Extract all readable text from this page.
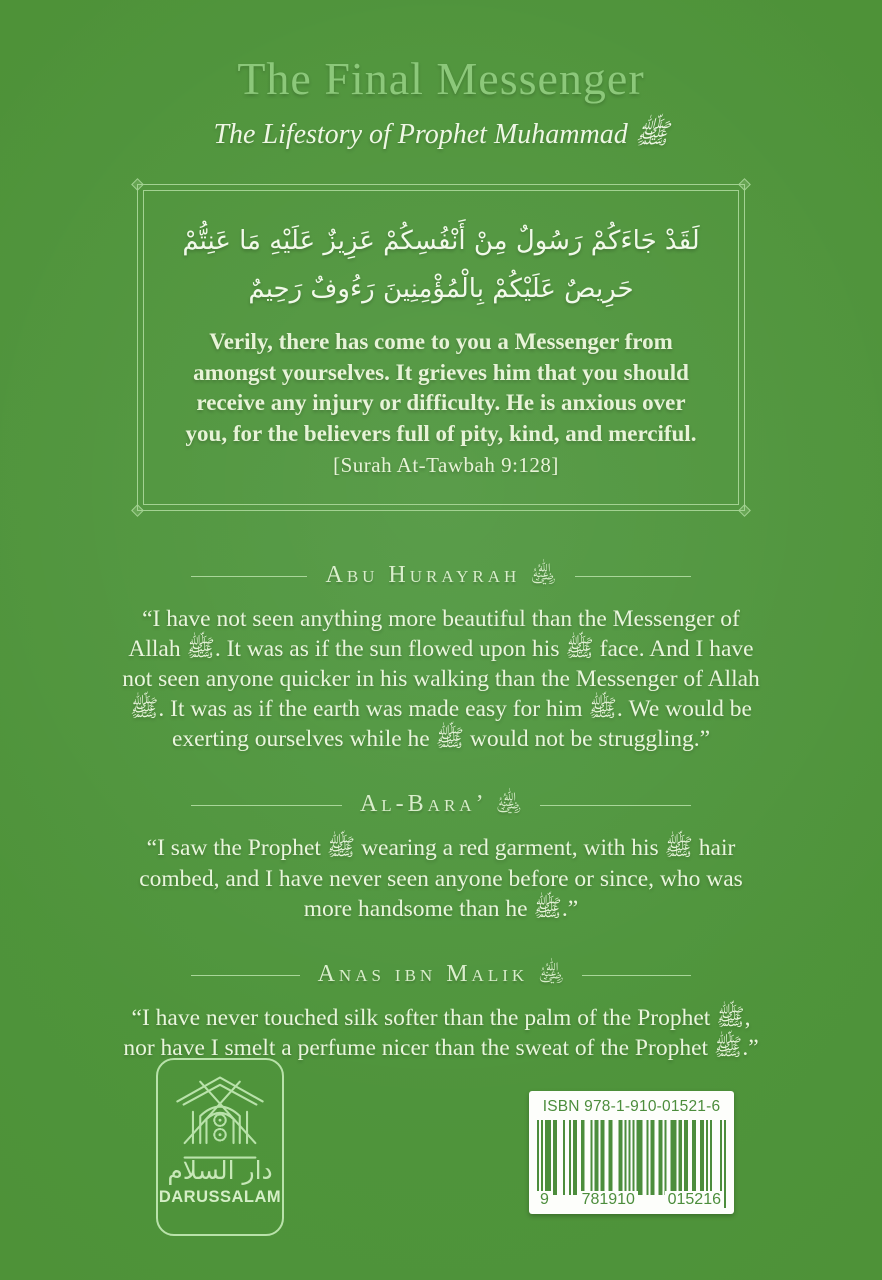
The Final Messenger
The Lifestory of Prophet Muhammad ﷺ
لَقَدْ جَاءَكُمْ رَسُولٌ مِنْ أَنْفُسِكُمْ عَزِيزٌ عَلَيْهِ مَا عَنِتُّمْ
حَرِيصٌ عَلَيْكُمْ بِالْمُؤْمِنِينَ رَءُوفٌ رَحِيمٌ
Verily, there has come to you a Messenger from amongst yourselves. It grieves him that you should receive any injury or difficulty. He is anxious over you, for the believers full of pity, kind, and merciful.[Surah At-Tawbah 9:128]
Abu Hurayrah ﵁
“I have not seen anything more beautiful than the Messenger of Allah ﷺ. It was as if the sun flowed upon his ﷺ face. And I have not seen anyone quicker in his walking than the Messenger of Allah ﷺ. It was as if the earth was made easy for him ﷺ. We would be exerting ourselves while he ﷺ would not be struggling.”
Al-Bara’ ﵁
“I saw the Prophet ﷺ wearing a red garment, with his ﷺ hair combed, and I have never seen anyone before or since, who was more handsome than he ﷺ.”
Anas ibn Malik ﵁
“I have never touched silk softer than the palm of the Prophet ﷺ, nor have I smelt a perfume nicer than the sweat of the Prophet ﷺ.”
دار السلام
DARUSSALAM
ISBN 978-1-910-01521-6
9 781910 015216
